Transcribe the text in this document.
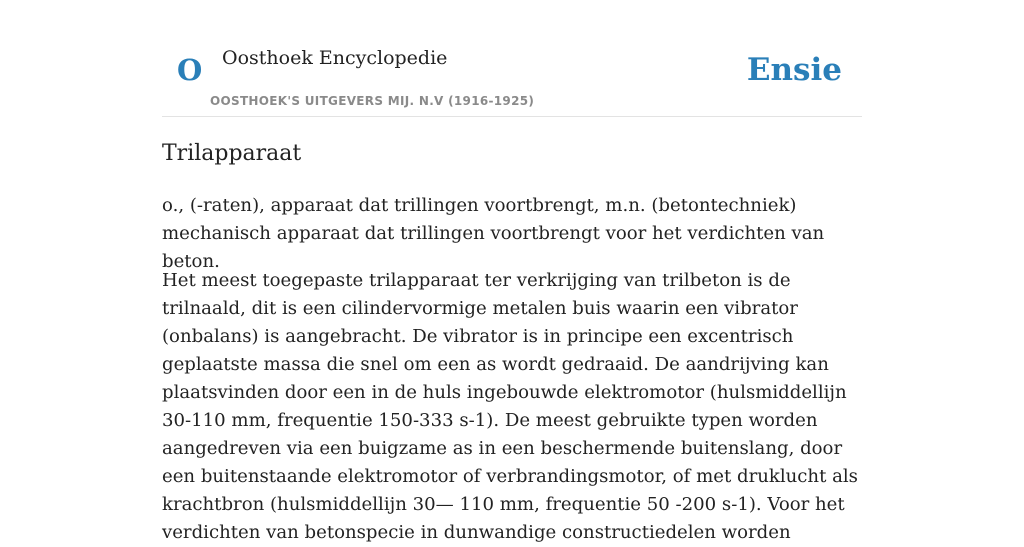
O Oosthoek Encyclopedie
OOSTHOEK'S UITGEVERS MIJ. N.V (1916-1925)
Ensie
Trilapparaat

o., (-raten), apparaat dat trillingen voortbrengt, m.n. (betontechniek) mechanisch apparaat dat trillingen voortbrengt voor het verdichten van beton.

Het meest toegepaste trilapparaat ter verkrijging van trilbeton is de trilnaald, dit is een cilindervormige metalen buis waarin een vibrator (onbalans) is aangebracht. De vibrator is in principe een excentrisch geplaatste massa die snel om een as wordt gedraaid. De aandrijving kan plaatsvinden door een in de huls ingebouwde elektromotor (hulsmiddellijn 30-110 mm, frequentie 150-333 s-1). De meest gebruikte typen worden aangedreven via een buigzame as in een beschermende buitenslang, door een buitenstaande elektromotor of verbrandingsmotor, of met druklucht als krachtbron (hulsmiddellijn 30— 110 mm, frequentie 50 -200 s-1). Voor het verdichten van betonspecie in dunwandige constructiedelen worden
